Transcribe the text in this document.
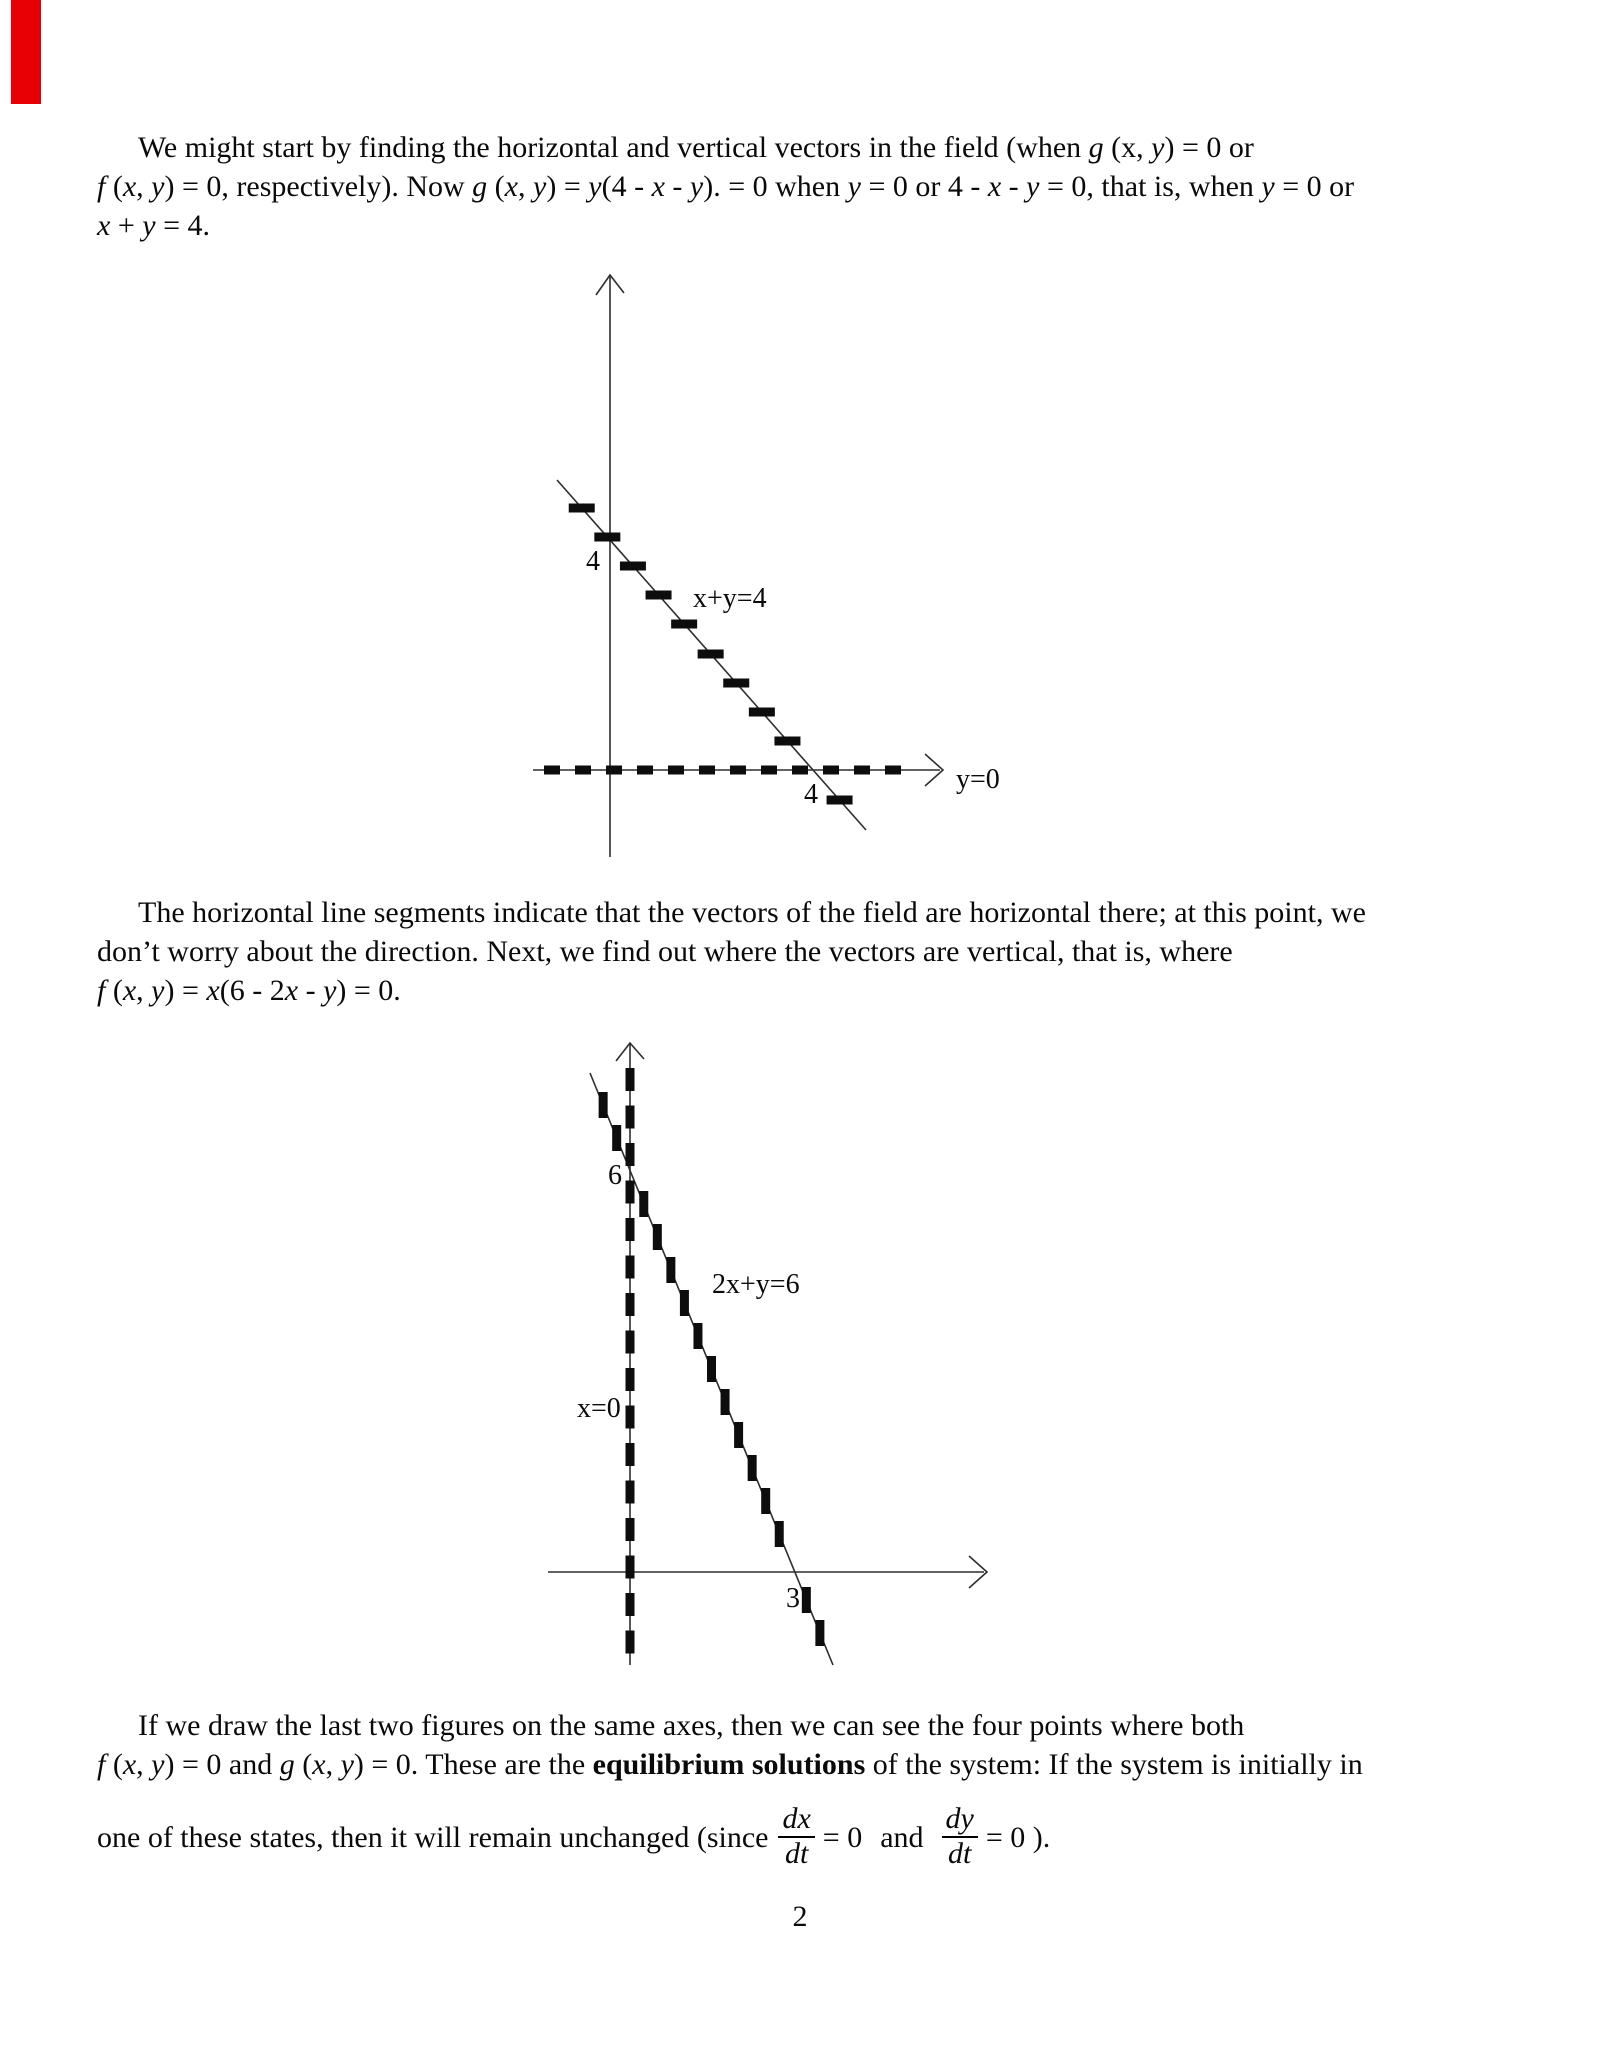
We might start by finding the horizontal and vertical vectors in the field (when g (x, y) = 0 or
f (x, y) = 0, respectively). Now g (x, y) = y(4 - x - y). = 0 when y = 0 or 4 - x - y = 0, that is, when y = 0 or
x + y = 4.
4
x+y=4
4	y=0
The horizontal line segments indicate that the vectors of the field are horizontal there; at this point, we
don’t worry about the direction. Next, we find out where the vectors are vertical, that is, where
f (x, y) = x(6 - 2x - y) = 0.
6
2x+y=6
x=0
3
If we draw the last two figures on the same axes, then we can see the four points where both
f (x, y) = 0 and g (x, y) = 0. These are the equilibrium solutions of the system: If the system is initially in
one of these states, then it will remain unchanged (since $\frac{dx}{dt} = 0$ and $\frac{dy}{dt} = 0$ ).
2
